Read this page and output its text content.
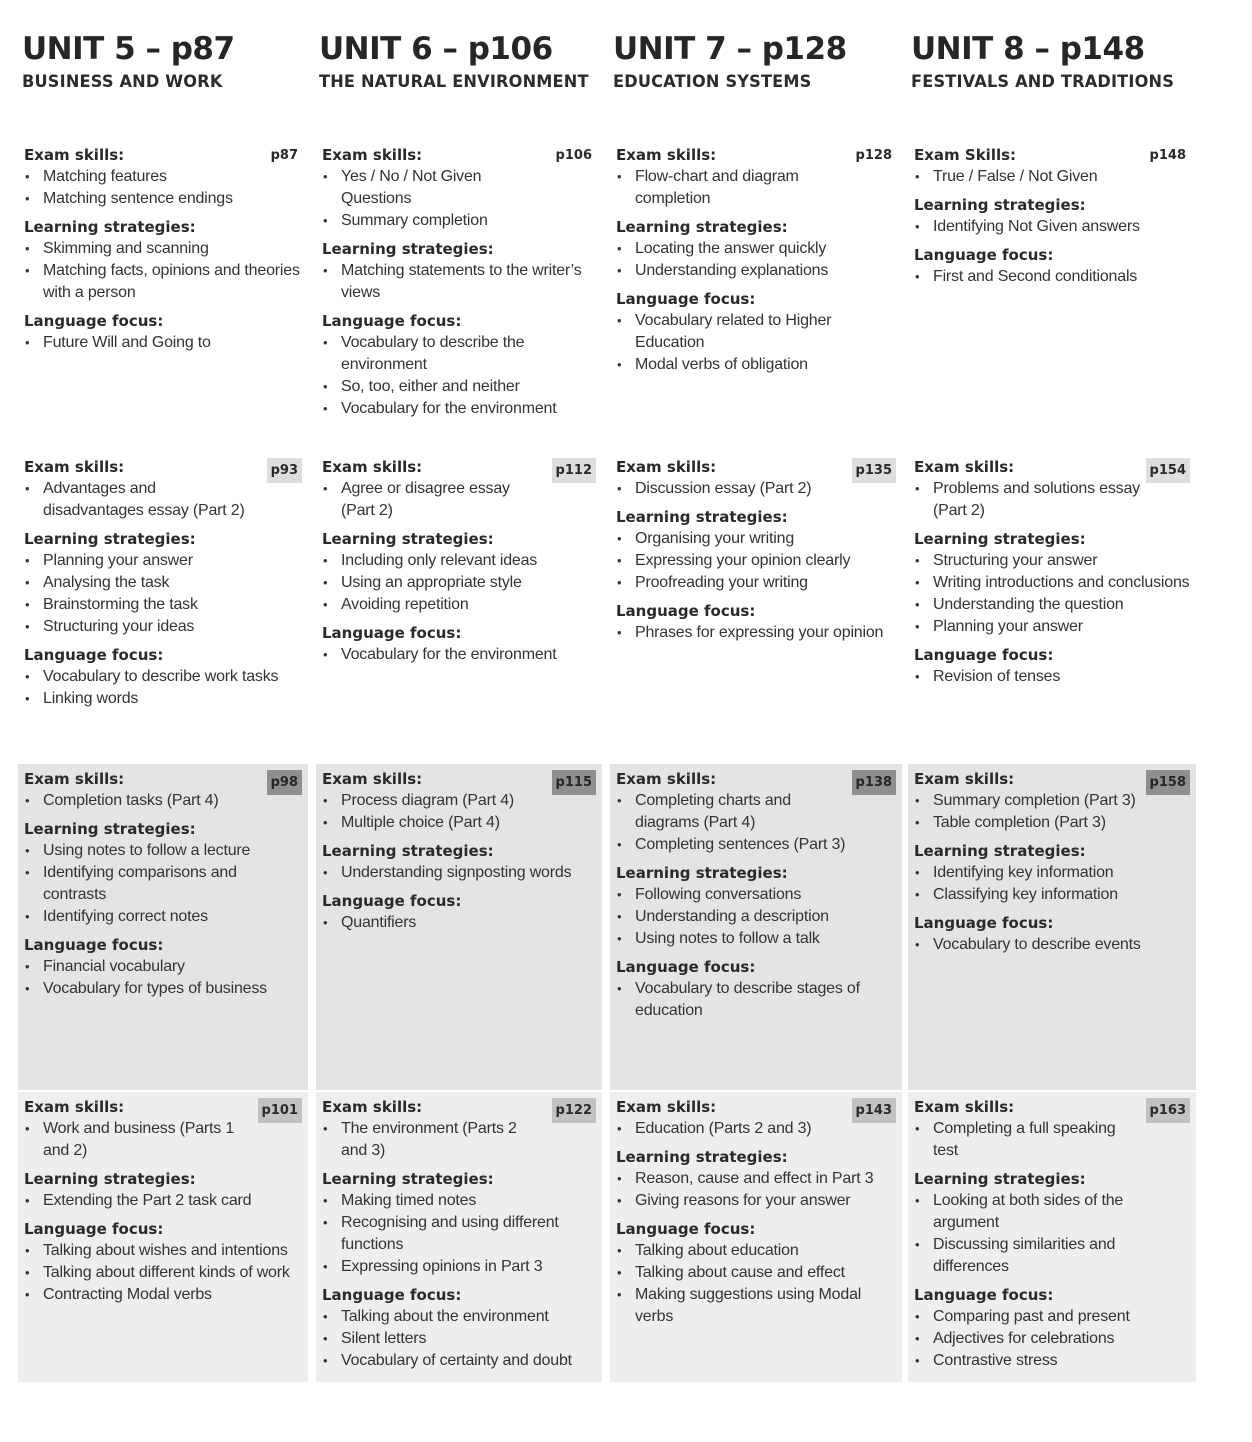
UNIT 5 – p87
BUSINESS AND WORK
UNIT 6 – p106
THE NATURAL ENVIRONMENT
UNIT 7 – p128
EDUCATION SYSTEMS
UNIT 8 – p148
FESTIVALS AND TRADITIONS
p87
Exam skills:
• Matching features
• Matching sentence endings
Learning strategies:
• Skimming and scanning
• Matching facts, opinions and theories with a person
Language focus:
• Future Will and Going to
p106
Exam skills:
• Yes / No / Not Given Questions
• Summary completion
Learning strategies:
• Matching statements to the writer’s views
Language focus:
• Vocabulary to describe the environment
• So, too, either and neither
• Vocabulary for the environment
p128
Exam skills:
• Flow-chart and diagram completion
Learning strategies:
• Locating the answer quickly
• Understanding explanations
Language focus:
• Vocabulary related to Higher Education
• Modal verbs of obligation
p148
Exam Skills:
• True / False / Not Given
Learning strategies:
• Identifying Not Given answers
Language focus:
• First and Second conditionals
p93
Exam skills:
• Advantages and disadvantages essay (Part 2)
Learning strategies:
• Planning your answer
• Analysing the task
• Brainstorming the task
• Structuring your ideas
Language focus:
• Vocabulary to describe work tasks
• Linking words
p112
Exam skills:
• Agree or disagree essay (Part 2)
Learning strategies:
• Including only relevant ideas
• Using an appropriate style
• Avoiding repetition
Language focus:
• Vocabulary for the environment
p135
Exam skills:
• Discussion essay (Part 2)
Learning strategies:
• Organising your writing
• Expressing your opinion clearly
• Proofreading your writing
Language focus:
• Phrases for expressing your opinion
p154
Exam skills:
• Problems and solutions essay (Part 2)
Learning strategies:
• Structuring your answer
• Writing introductions and conclusions
• Understanding the question
• Planning your answer
Language focus:
• Revision of tenses
p98
Exam skills:
• Completion tasks (Part 4)
Learning strategies:
• Using notes to follow a lecture
• Identifying comparisons and contrasts
• Identifying correct notes
Language focus:
• Financial vocabulary
• Vocabulary for types of business
p115
Exam skills:
• Process diagram (Part 4)
• Multiple choice (Part 4)
Learning strategies:
• Understanding signposting words
Language focus:
• Quantifiers
p138
Exam skills:
• Completing charts and diagrams (Part 4)
• Completing sentences (Part 3)
Learning strategies:
• Following conversations
• Understanding a description
• Using notes to follow a talk
Language focus:
• Vocabulary to describe stages of education
p158
Exam skills:
• Summary completion (Part 3)
• Table completion (Part 3)
Learning strategies:
• Identifying key information
• Classifying key information
Language focus:
• Vocabulary to describe events
p101
Exam skills:
• Work and business (Parts 1 and 2)
Learning strategies:
• Extending the Part 2 task card
Language focus:
• Talking about wishes and intentions
• Talking about different kinds of work
• Contracting Modal verbs
p122
Exam skills:
• The environment (Parts 2 and 3)
Learning strategies:
• Making timed notes
• Recognising and using different functions
• Expressing opinions in Part 3
Language focus:
• Talking about the environment
• Silent letters
• Vocabulary of certainty and doubt
p143
Exam skills:
• Education (Parts 2 and 3)
Learning strategies:
• Reason, cause and effect in Part 3
• Giving reasons for your answer
Language focus:
• Talking about education
• Talking about cause and effect
• Making suggestions using Modal verbs
p163
Exam skills:
• Completing a full speaking test
Learning strategies:
• Looking at both sides of the argument
• Discussing similarities and differences
Language focus:
• Comparing past and present
• Adjectives for celebrations
• Contrastive stress
